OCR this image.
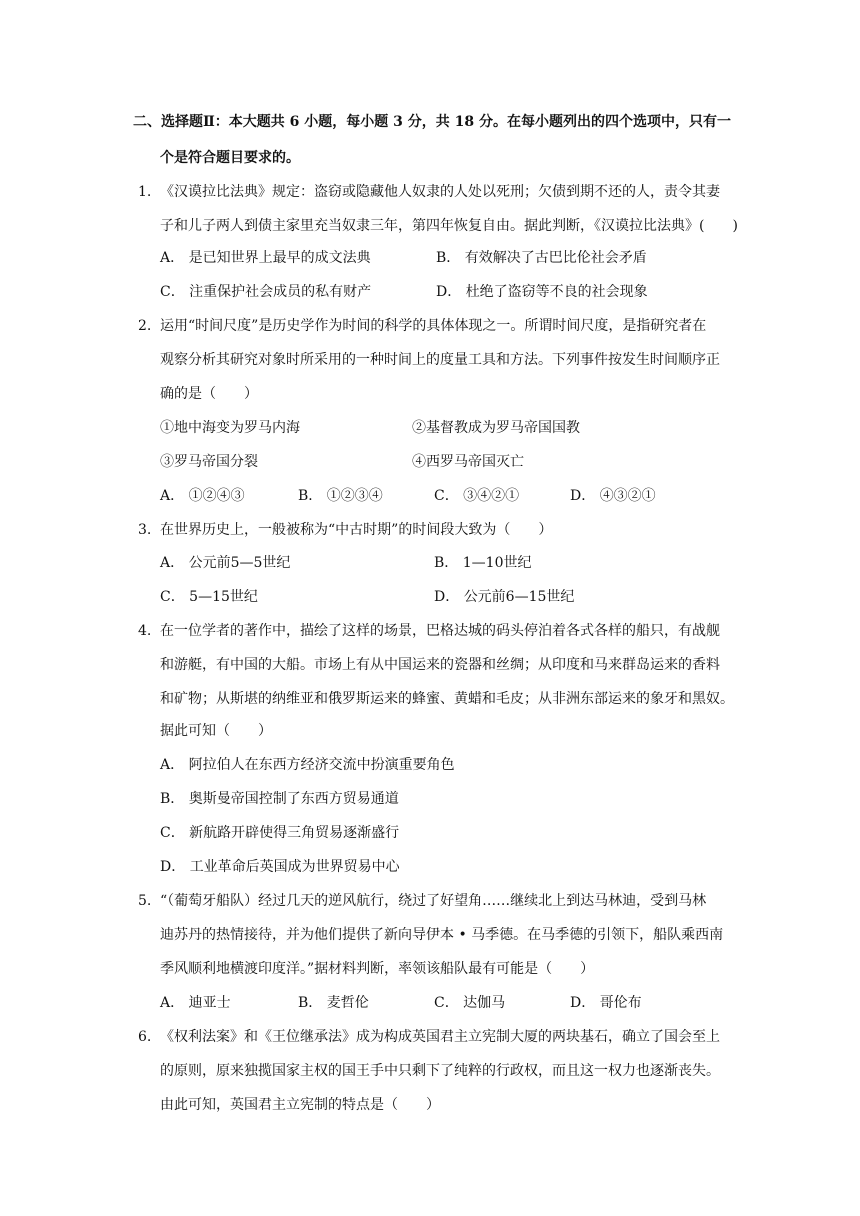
二、选择题Ⅱ：本大题共 6 小题，每小题 3 分，共 18 分。在每小题列出的四个选项中，只有一
个是符合题目要求的。
1. 《汉谟拉比法典》规定：盗窃或隐藏他人奴隶的人处以死刑；欠债到期不还的人，责令其妻
子和儿子两人到债主家里充当奴隶三年，第四年恢复自由。据此判断，《汉谟拉比法典》(　　)
A． 是已知世界上最早的成文法典	B． 有效解决了古巴比伦社会矛盾
C． 注重保护社会成员的私有财产	D． 杜绝了盗窃等不良的社会现象
2. 运用“时间尺度”是历史学作为时间的科学的具体体现之一。所谓时间尺度，是指研究者在
观察分析其研究对象时所采用的一种时间上的度量工具和方法。下列事件按发生时间顺序正
确的是（　　）
①地中海变为罗马内海	②基督教成为罗马帝国国教
③罗马帝国分裂	④西罗马帝国灭亡
A． ①②④③	B． ①②③④	C． ③④②①	D． ④③②①
3. 在世界历史上，一般被称为“中古时期”的时间段大致为（　　）
A． 公元前5—5世纪	B． 1—10世纪
C． 5—15世纪	D． 公元前6—15世纪
4. 在一位学者的著作中，描绘了这样的场景，巴格达城的码头停泊着各式各样的船只，有战舰
和游艇，有中国的大船。市场上有从中国运来的瓷器和丝绸；从印度和马来群岛运来的香料
和矿物；从斯堪的纳维亚和俄罗斯运来的蜂蜜、黄蜡和毛皮；从非洲东部运来的象牙和黑奴。
据此可知（　　）
A． 阿拉伯人在东西方经济交流中扮演重要角色
B． 奥斯曼帝国控制了东西方贸易通道
C． 新航路开辟使得三角贸易逐渐盛行
D． 工业革命后英国成为世界贸易中心
5. “（葡萄牙船队）经过几天的逆风航行，绕过了好望角……继续北上到达马林迪，受到马林
迪苏丹的热情接待，并为他们提供了新向导伊本 • 马季德。在马季德的引领下，船队乘西南
季风顺利地横渡印度洋。”据材料判断，率领该船队最有可能是（　　）
A． 迪亚士	B． 麦哲伦	C． 达伽马	D． 哥伦布
6. 《权利法案》和《王位继承法》成为构成英国君主立宪制大厦的两块基石，确立了国会至上
的原则，原来独揽国家主权的国王手中只剩下了纯粹的行政权，而且这一权力也逐渐丧失。
由此可知，英国君主立宪制的特点是（　　）
